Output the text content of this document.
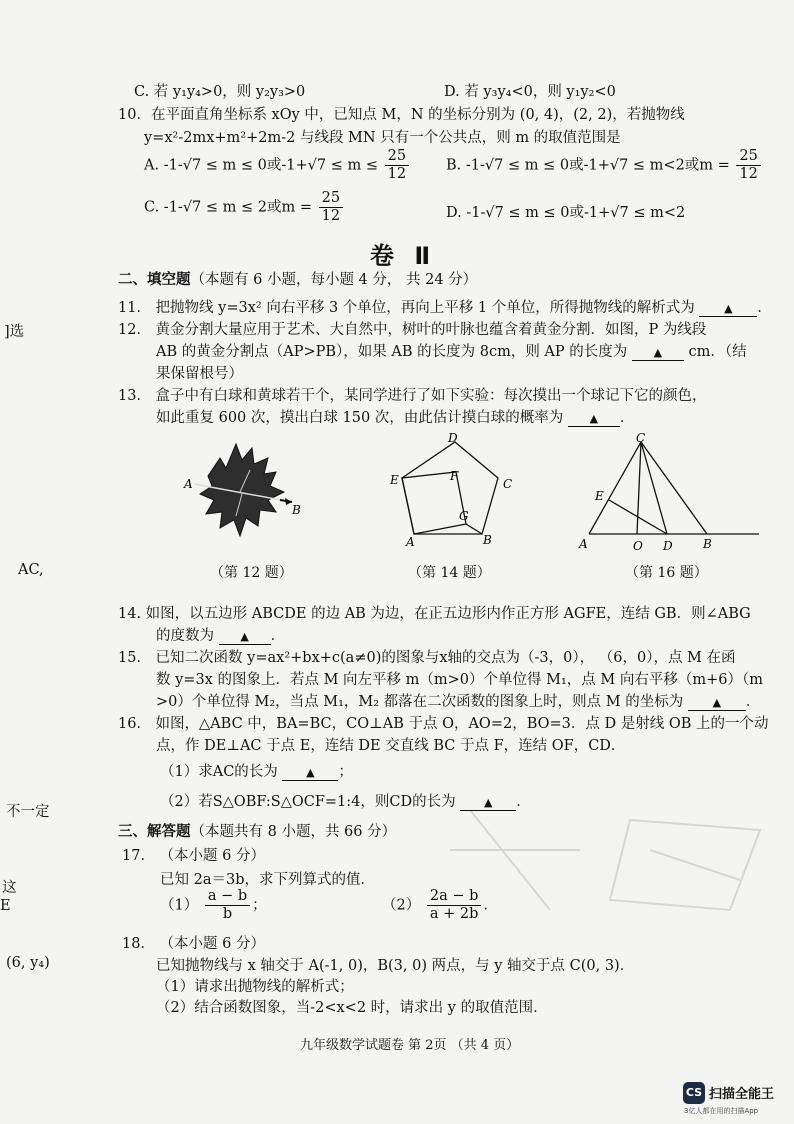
]选
AC,
不一定
这
E
(6, y₄)
C. 若 y₁y₄>0，则 y₂y₃>0	D. 若 y₃y₄<0，则 y₁y₂<0
10．在平面直角坐标系 xOy 中，已知点 M，N 的坐标分别为 (0, 4)，(2, 2)，若抛物线
y=x²-2mx+m²+2m-2 与线段 MN 只有一个公共点，则 m 的取值范围是
A. -1-√7 ≤ m ≤ 0或$-1+√7 \le m \le \frac{25}{12}$	B. -1-√7 ≤ m ≤ 0或-1+√7 ≤ m<2或$m = \frac{25}{12}$
C. -1-√7 ≤ m ≤ 2或$m = \frac{25}{12}$	D. -1-√7 ≤ m ≤ 0或-1+√7 ≤ m<2
卷 Ⅱ
二、填空题（本题有 6 小题，每小题 4 分， 共 24 分）
11． 把抛物线 y=3x² 向右平移 3 个单位，再向上平移 1 个单位，所得抛物线的解析式为	▲ ．
12． 黄金分割大量应用于艺术、大自然中，树叶的叶脉也蕴含着黄金分割．如图，P 为线段
AB 的黄金分割点（AP>PB），如果 AB 的长度为 8cm，则 AP 的长度为 ▲ cm．（结
果保留根号）
13． 盒子中有白球和黄球若干个，某同学进行了如下实验：每次摸出一个球记下它的颜色，
如此重复 600 次，摸出白球 150 次，由此估计摸白球的概率为 ▲ ．
A
B
D
C
E	F
G
A	B
C
E
A	O D	B
（第 12 题）	（第 14 题）	（第 16 题）
14. 如图，以五边形 ABCDE 的边 AB 为边，在正五边形内作正方形 AGFE，连结 GB．则∠ABG
的度数为 ▲ ．
15． 已知二次函数 y=ax²+bx+c(a≠0)的图象与x轴的交点为（-3，0）， （6，0），点 M 在函
数 y=3x 的图象上．若点 M 向左平移 m（m>0）个单位得 M₁，点 M 向右平移（m+6）（m
>0）个单位得 M₂，当点 M₁，M₂ 都落在二次函数的图象上时，则点 M 的坐标为	▲ ．
16． 如图，△ABC 中，BA=BC，CO⊥AB 于点 O，AO=2，BO=3．点 D 是射线 OB 上的一个动
点，作 DE⊥AC 于点 E，连结 DE 交直线 BC 于点 F，连结 OF，CD．
（1）求AC的长为	▲ ；
（2）若S△OBF:S△OCF=1:4，则CD的长为	▲ ．
三、解答题（本题共有 8 小题，共 66 分）
17． （本小题 6 分）
已知 2a＝3b，求下列算式的值．
$(1) \frac{a - b}{b}$ ；	$(2) \frac{2a - b}{a + 2b}$ ．
18． （本小题 6 分）
已知抛物线与 x 轴交于 A(-1, 0)，B(3, 0) 两点，与 y 轴交于点 C(0, 3)．
（1）请求出抛物线的解析式；
（2）结合函数图象，当-2<x<2 时，请求出 y 的取值范围．
九年级数学试题卷 第 2页 （共 4 页）
CS 扫描全能王
3亿人都在用的扫描App
